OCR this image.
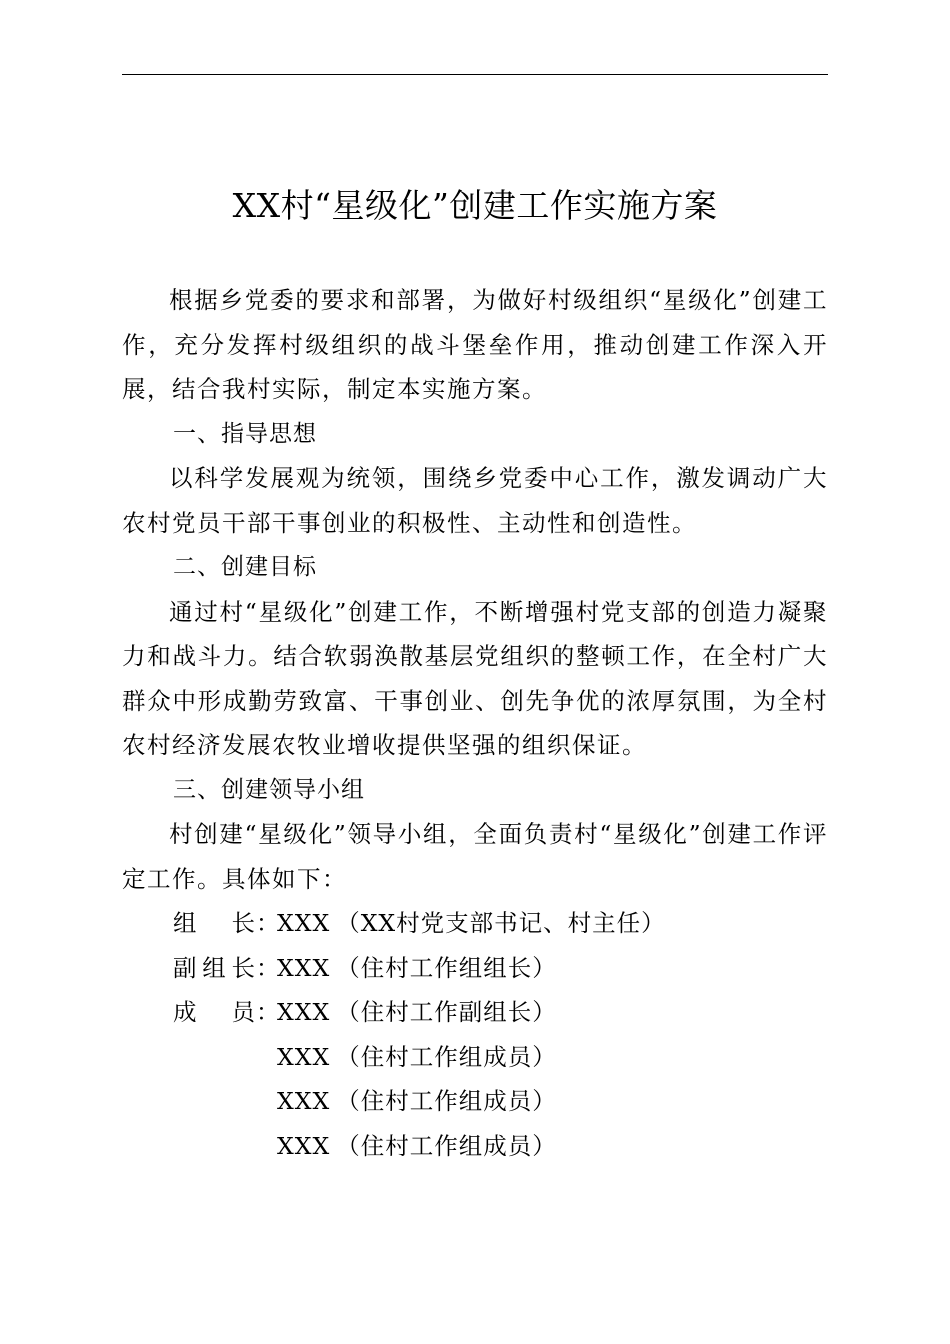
XX村“星级化”创建工作实施方案

根据乡党委的要求和部署，为做好村级组织“星级化”创建工作，充分发挥村级组织的战斗堡垒作用，推动创建工作深入开展，结合我村实际，制定本实施方案。

一、指导思想

以科学发展观为统领，围绕乡党委中心工作，激发调动广大农村党员干部干事创业的积极性、主动性和创造性。

二、创建目标

通过村“星级化”创建工作，不断增强村党支部的创造力凝聚力和战斗力。结合软弱涣散基层党组织的整顿工作，在全村广大群众中形成勤劳致富、干事创业、创先争优的浓厚氛围，为全村农村经济发展农牧业增收提供坚强的组织保证。

三、创建领导小组

村创建“星级化”领导小组，全面负责村“星级化”创建工作评定工作。具体如下：

组　长 ：
XXX （XX村党支部书记、村主任）
副组长 ：
XXX （住村工作组组长）
成　员 ：
XXX （住村工作副组长）
XXX （住村工作组成员）
XXX （住村工作组成员）
XXX （住村工作组成员）
